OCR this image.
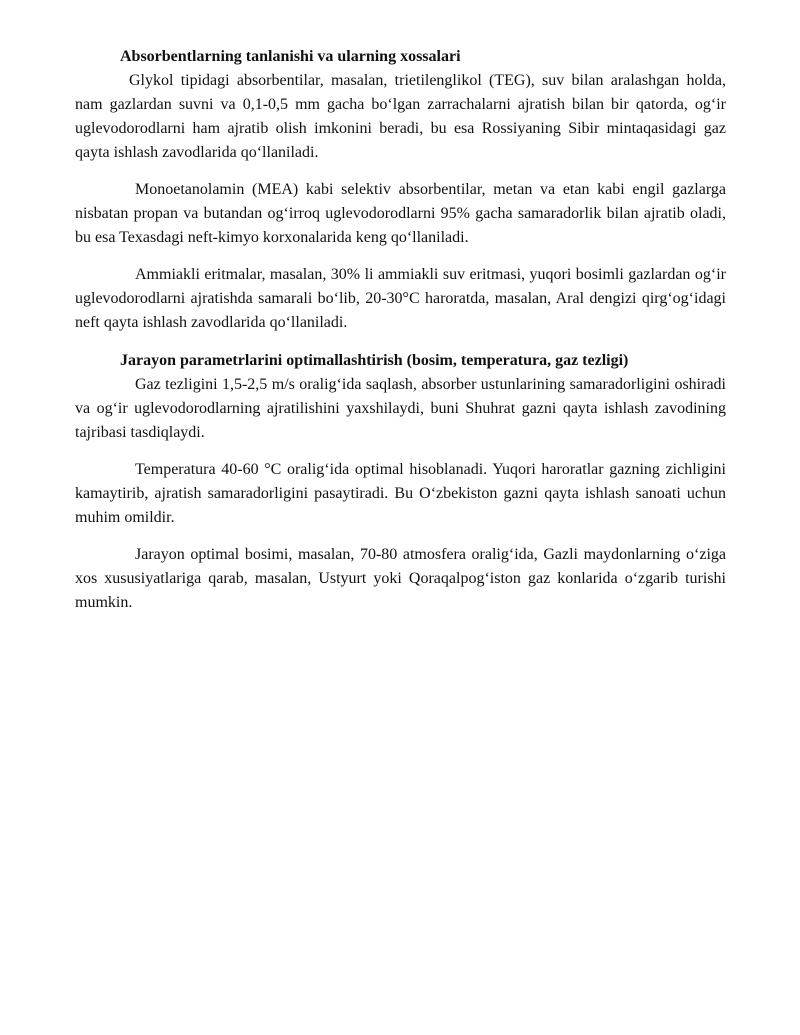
Absorbentlarning tanlanishi va ularning xossalari

Glykol tipidagi absorbentilar, masalan, trietilenglikol (TEG), suv bilan aralashgan holda, nam gazlardan suvni va 0,1-0,5 mm gacha bo‘lgan zarrachalarni ajratish bilan bir qatorda, og‘ir uglevodorodlarni ham ajratib olish imkonini beradi, bu esa Rossiyaning Sibir mintaqasidagi gaz qayta ishlash zavodlarida qo‘llaniladi.

Monoetanolamin (MEA) kabi selektiv absorbentilar, metan va etan kabi engil gazlarga nisbatan propan va butandan og‘irroq uglevodorodlarni 95% gacha samaradorlik bilan ajratib oladi, bu esa Texasdagi neft-kimyo korxonalarida keng qo‘llaniladi.

Ammiakli eritmalar, masalan, 30% li ammiakli suv eritmasi, yuqori bosimli gazlardan og‘ir uglevodorodlarni ajratishda samarali bo‘lib, 20-30°C haroratda, masalan, Aral dengizi qirg‘og‘idagi neft qayta ishlash zavodlarida qo‘llaniladi.

Jarayon parametrlarini optimallashtirish (bosim, temperatura, gaz tezligi)

Gaz tezligini 1,5-2,5 m/s oralig‘ida saqlash, absorber ustunlarining samaradorligini oshiradi va og‘ir uglevodorodlarning ajratilishini yaxshilaydi, buni Shuhrat gazni qayta ishlash zavodining tajribasi tasdiqlaydi.

Temperatura 40-60 °C oralig‘ida optimal hisoblanadi. Yuqori haroratlar gazning zichligini kamaytirib, ajratish samaradorligini pasaytiradi. Bu O‘zbekiston gazni qayta ishlash sanoati uchun muhim omildir.

Jarayon optimal bosimi, masalan, 70-80 atmosfera oralig‘ida, Gazli maydonlarning o‘ziga xos xususiyatlariga qarab, masalan, Ustyurt yoki Qoraqalpog‘iston gaz konlarida o‘zgarib turishi mumkin.
